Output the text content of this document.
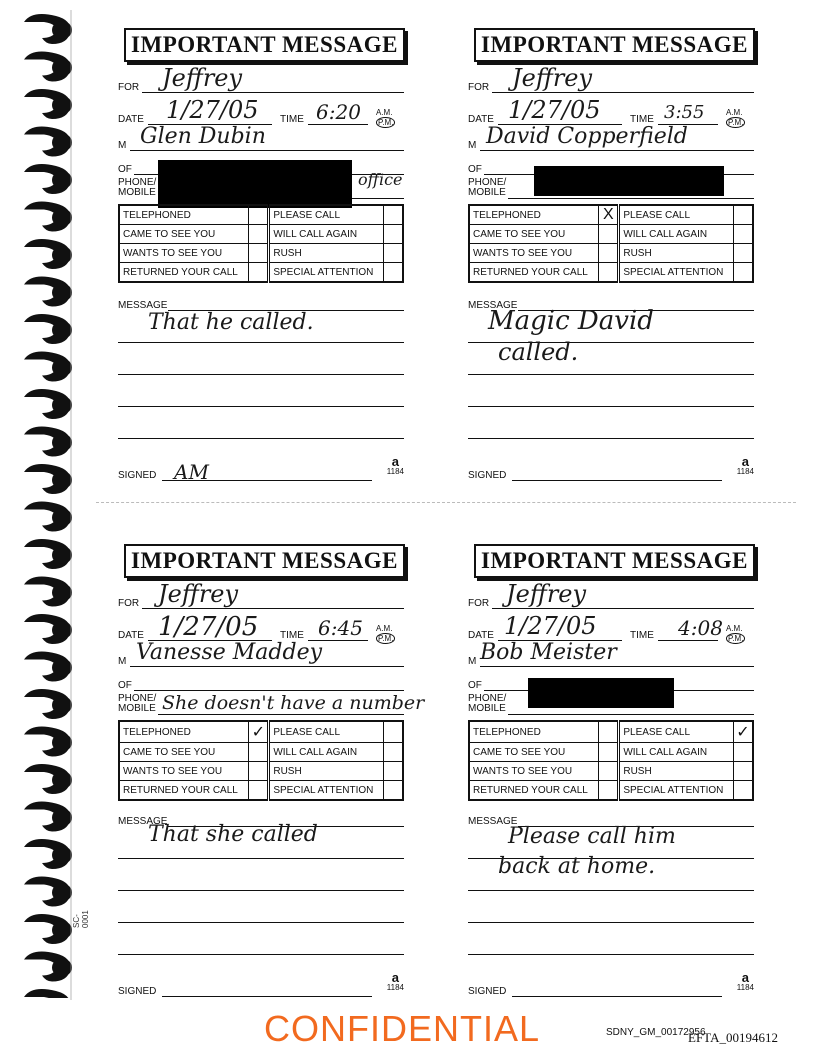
SC-0001
IMPORTANT MESSAGE
FOR Jeffrey
DATE 1/27/05 TIME 6:20 A.M.
P.M.
M Glen Dubin
OF
PHONE/
MOBILE
office
TELEPHONED		PLEASE CALL	
CAME TO SEE YOU		WILL CALL AGAIN	
WANTS TO SEE YOU		RUSH	
RETURNED YOUR CALL		SPECIAL ATTENTION	
MESSAGE
That he called.
SIGNED AM	a
1184
IMPORTANT MESSAGE
FOR Jeffrey
DATE 1/27/05	TIME 3:55	A.M.
P.M.
M David Copperfield
OF
PHONE/
MOBILE
TELEPHONED	X	PLEASE CALL	
CAME TO SEE YOU		WILL CALL AGAIN	
WANTS TO SEE YOU		RUSH	
RETURNED YOUR CALL		SPECIAL ATTENTION	
MESSAGE
Magic David
called.
SIGNED
a
1184
IMPORTANT MESSAGE
FOR Jeffrey
DATE 1/27/05 TIME 6:45 A.M.
P.M.
M Vanesse Maddey
OF
PHONE/
MOBILE She doesn't have a number
TELEPHONED	✓	PLEASE CALL	
CAME TO SEE YOU		WILL CALL AGAIN	
WANTS TO SEE YOU		RUSH	
RETURNED YOUR CALL		SPECIAL ATTENTION	
MESSAGE
That she called
SIGNED
a
1184
IMPORTANT MESSAGE
FOR Jeffrey
DATE 1/27/05	TIME 4:08 A.M.
P.M.
M Bob Meister
OF
PHONE/
MOBILE
TELEPHONED		PLEASE CALL	✓
CAME TO SEE YOU		WILL CALL AGAIN	
WANTS TO SEE YOU		RUSH	
RETURNED YOUR CALL		SPECIAL ATTENTION	
MESSAGE
Please call him
back at home.
SIGNED
a
1184
CONFIDENTIAL	SDNY_GM_00172956
EFTA_00194612
